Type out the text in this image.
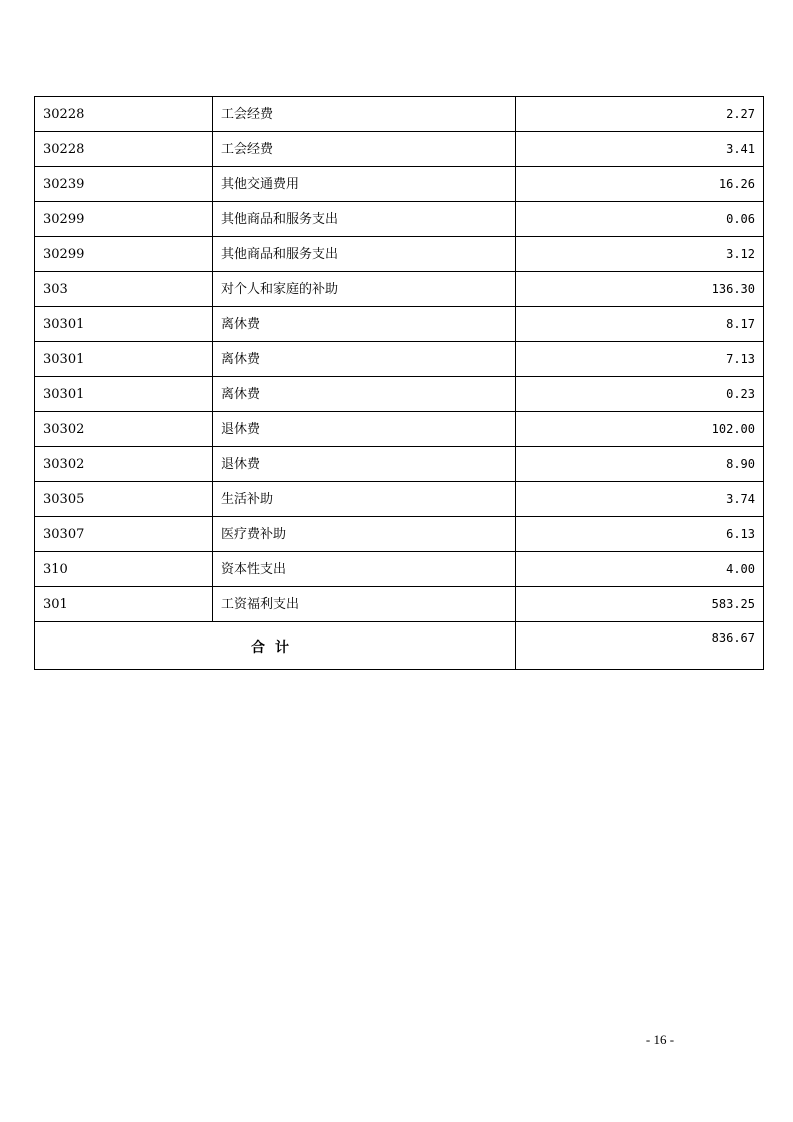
30228	工会经费	2.27
30228	工会经费	3.41
30239	其他交通费用	16.26
30299	其他商品和服务支出	0.06
30299	其他商品和服务支出	3.12
303	对个人和家庭的补助	136.30
30301	离休费	8.17
30301	离休费	7.13
30301	离休费	0.23
30302	退休费	102.00
30302	退休费	8.90
30305	生活补助	3.74
30307	医疗费补助	6.13
310	资本性支出	4.00
301	工资福利支出	583.25
合计		836.67
- 16 -
